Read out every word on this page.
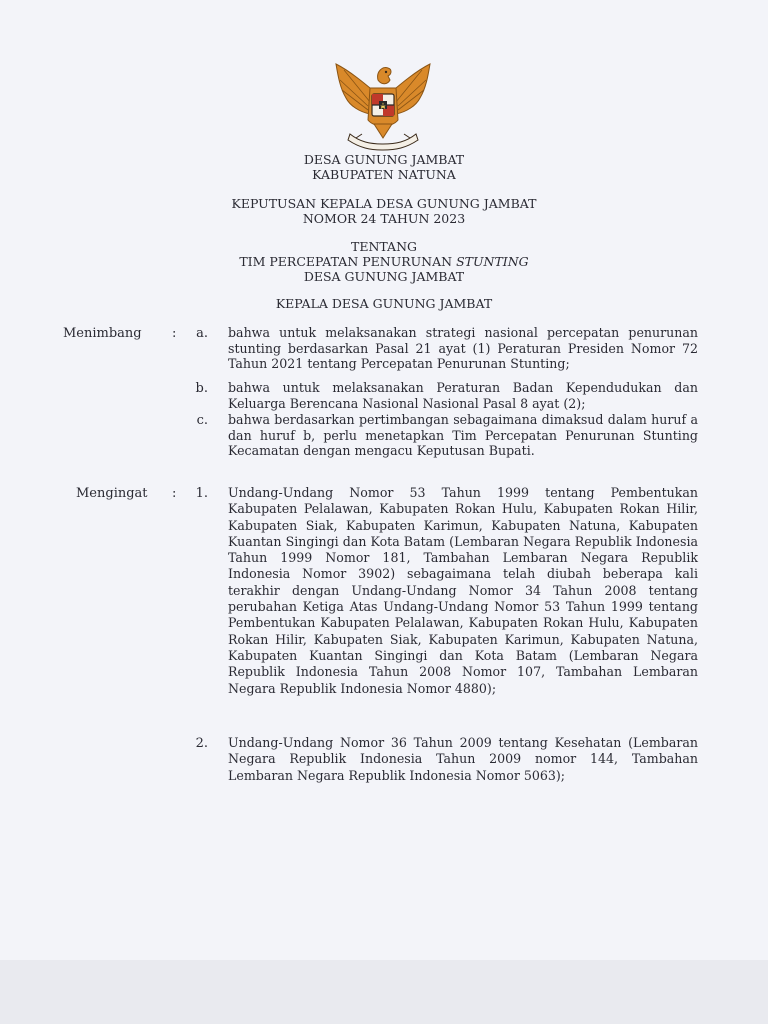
DESA GUNUNG JAMBAT
KABUPATEN NATUNA
KEPUTUSAN KEPALA DESA GUNUNG JAMBAT
NOMOR 24 TAHUN 2023
TENTANG
TIM PERCEPATAN PENURUNAN STUNTING
DESA GUNUNG JAMBAT
KEPALA DESA GUNUNG JAMBAT
Menimbang :	a. bahwa untuk melaksanakan strategi nasional percepatan penurunan stunting berdasarkan Pasal 21 ayat (1) Peraturan Presiden Nomor 72 Tahun 2021 tentang Percepatan Penurunan Stunting;
b. bahwa untuk melaksanakan Peraturan Badan Kependudukan dan Keluarga Berencana Nasional Nasional Pasal 8 ayat (2);
c. bahwa berdasarkan pertimbangan sebagaimana dimaksud dalam huruf a dan huruf b, perlu menetapkan Tim Percepatan Penurunan Stunting Kecamatan dengan mengacu Keputusan Bupati.
Mengingat :	1. Undang-Undang Nomor 53 Tahun 1999 tentang Pembentukan Kabupaten Pelalawan, Kabupaten Rokan Hulu, Kabupaten Rokan Hilir, Kabupaten Siak, Kabupaten Karimun, Kabupaten Natuna, Kabupaten Kuantan Singingi dan Kota Batam (Lembaran Negara Republik Indonesia Tahun 1999 Nomor 181, Tambahan Lembaran Negara Republik Indonesia Nomor 3902) sebagaimana telah diubah beberapa kali terakhir dengan Undang-Undang Nomor 34 Tahun 2008 tentang perubahan Ketiga Atas Undang-Undang Nomor 53 Tahun 1999 tentang Pembentukan Kabupaten Pelalawan, Kabupaten Rokan Hulu, Kabupaten Rokan Hilir, Kabupaten Siak, Kabupaten Karimun, Kabupaten Natuna, Kabupaten Kuantan Singingi dan Kota Batam (Lembaran Negara Republik Indonesia Tahun 2008 Nomor 107, Tambahan Lembaran Negara Republik Indonesia Nomor 4880);
2. Undang-Undang Nomor 36 Tahun 2009 tentang Kesehatan (Lembaran Negara Republik Indonesia Tahun 2009 nomor 144, Tambahan Lembaran Negara Republik Indonesia Nomor 5063);
